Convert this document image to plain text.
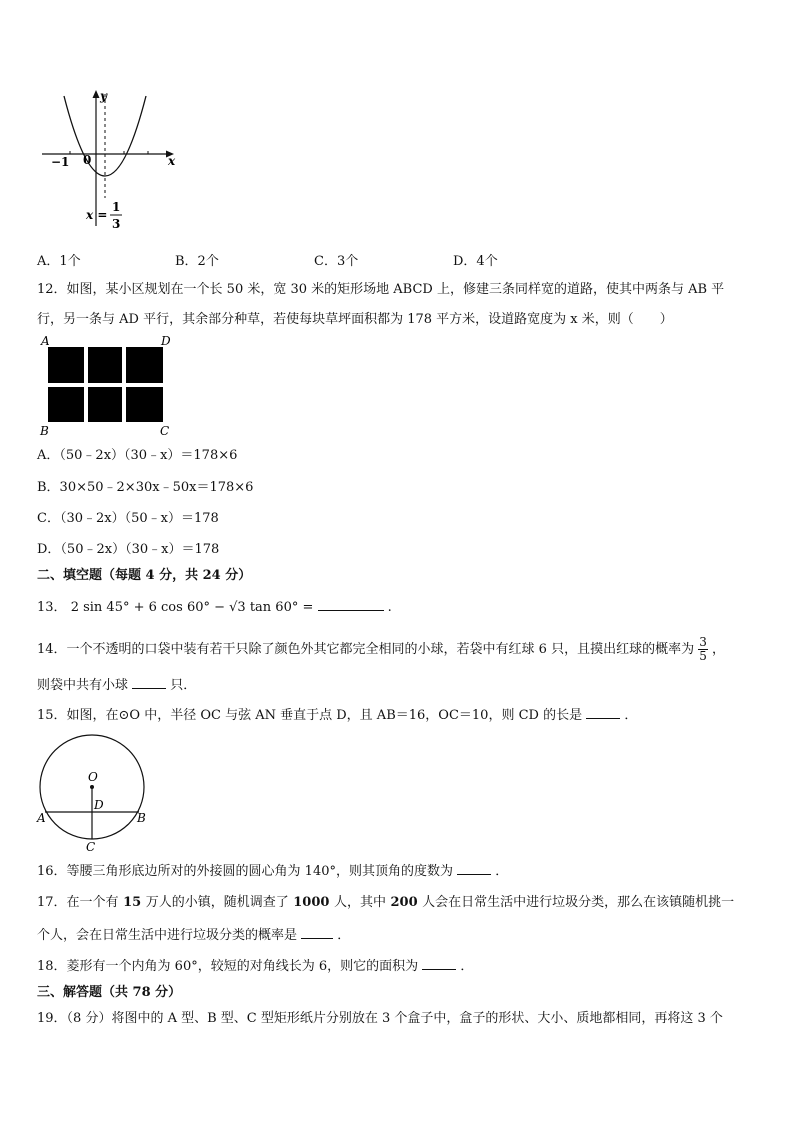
y
x
−1 0
x =
1
3
A．1个	B．2个	C．3个	D．4个
12．如图，某小区规划在一个长 50 米，宽 30 米的矩形场地 ABCD 上，修建三条同样宽的道路，使其中两条与 AB 平
行，另一条与 AD 平行，其余部分种草，若使每块草坪面积都为 178 平方米，设道路宽度为 x 米，则（　　）
A	D
B	C
A．（50﹣2x）（30﹣x）＝178×6
B．30×50﹣2×30x﹣50x＝178×6
C．（30﹣2x）（50﹣x）＝178
D．（50﹣2x）（30﹣x）＝178
二、填空题（每题 4 分，共 24 分）
13． 2 sin 45° + 6 cos 60° − √3 tan 60° =	.
14．一个不透明的口袋中装有若干只除了颜色外其它都完全相同的小球，若袋中有红球 6 只，且摸出红球的概率为 $\frac{3}{5}$ ，
则袋中共有小球	只．
15．如图，在⊙O 中，半径 OC 与弦 AN 垂直于点 D，且 AB＝16，OC＝10，则 CD 的长是	．
O
D
A	B
C
16．等腰三角形底边所对的外接圆的圆心角为 140°，则其顶角的度数为	．
17．在一个有 15 万人的小镇，随机调查了 1000 人，其中 200 人会在日常生活中进行垃圾分类，那么在该镇随机挑一
个人，会在日常生活中进行垃圾分类的概率是	．
18．菱形有一个内角为 60°，较短的对角线长为 6，则它的面积为	．
三、解答题（共 78 分）
19．（8 分）将图中的 A 型、B 型、C 型矩形纸片分别放在 3 个盒子中，盒子的形状、大小、质地都相同，再将这 3 个
